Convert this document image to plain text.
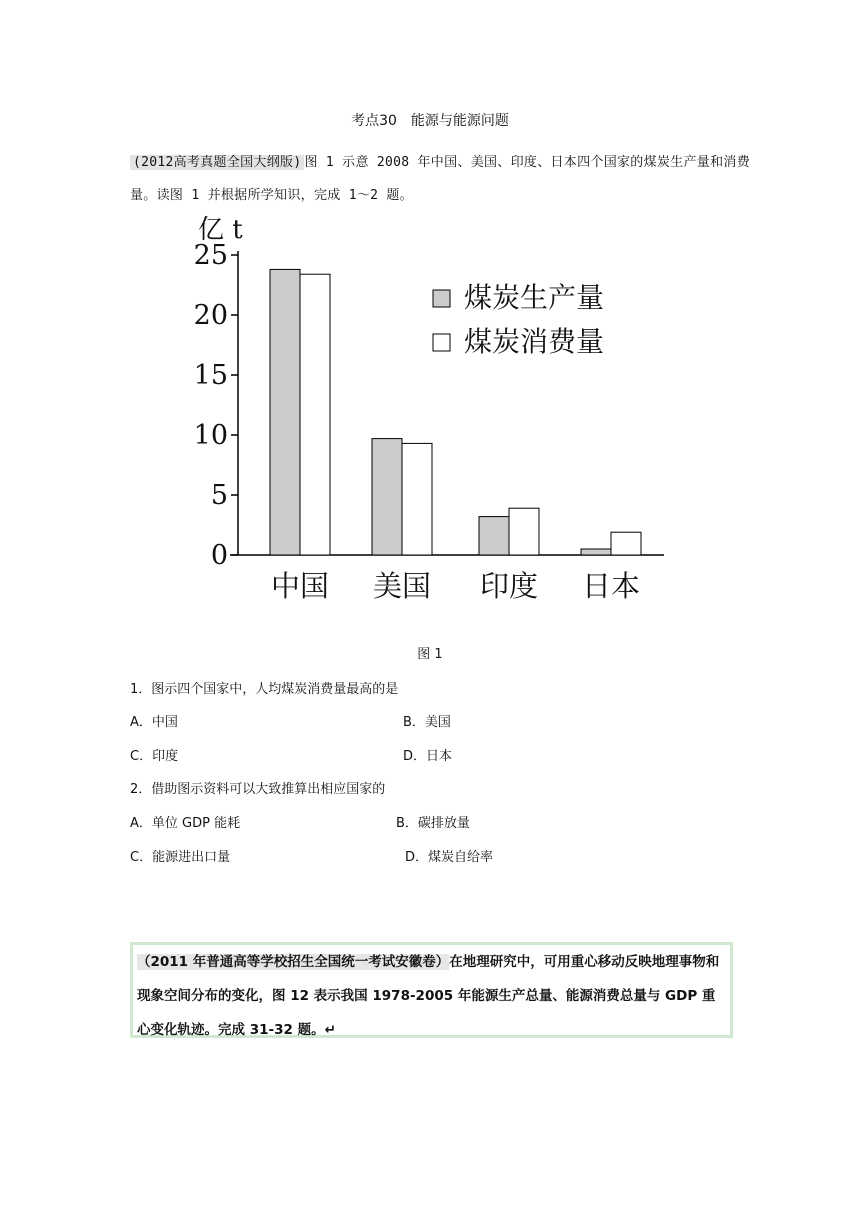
考点30　能源与能源问题
(2012高考真题全国大纲版) 图 1 示意 2008 年中国、美国、印度、日本四个国家的煤炭生产量和消费量。读图 1 并根据所学知识，完成 1～2 题。
亿 t
0
5
10
15
20
25
中国 美国 印度 日本
煤炭生产量
煤炭消费量
图 1
1．图示四个国家中，人均煤炭消费量最高的是
A．中国	B．美国
C．印度	D．日本
2．借助图示资料可以大致推算出相应国家的
A．单位 GDP 能耗	B．碳排放量
C．能源进出口量	D．煤炭自给率
（2011 年普通高等学校招生全国统一考试安徽卷）在地理研究中，可用重心移动反映地理事物和现象空间分布的变化，图 12 表示我国 1978-2005 年能源生产总量、能源消费总量与 GDP 重心变化轨迹。完成 31-32 题。↵
